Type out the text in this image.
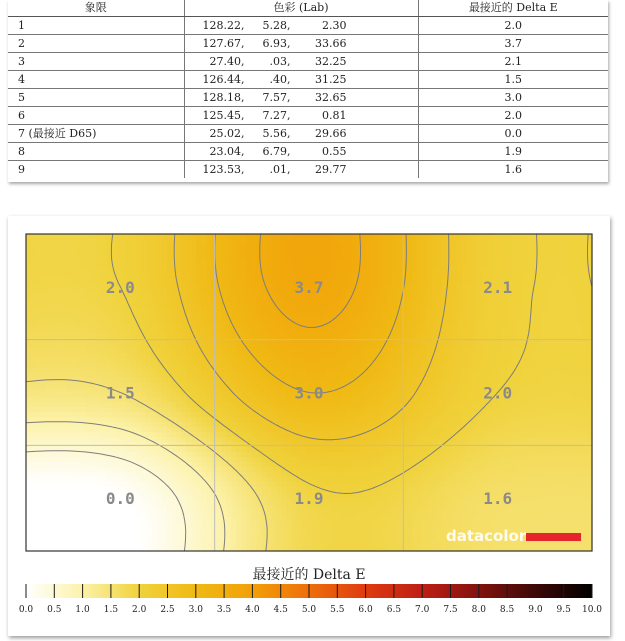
象限	色彩 (Lab)	最接近的 Delta E
1	128.22, 5.28, 2.30	2.0
2	127.67, 6.93, 33.66	3.7
3	27.40, .03, 32.25	2.1
4	126.44, .40, 31.25	1.5
5	128.18, 7.57, 32.65	3.0
6	125.45, 7.27, 0.81	2.0
7 (最接近 D65)	25.02, 5.56, 29.66	0.0
8	23.04, 6.79, 0.55	1.9
9	123.53, .01, 29.77	1.6
2.0	3.7	2.1
1.5	3.0	2.0
0.0	1.9	1.6
datacolor
0.0 0.5 1.0 1.5 2.0 2.5 3.0 3.5 4.0 4.5 5.0 5.5 6.0 6.5 7.0 7.5 8.0 8.5 9.0 9.5 10.0
最接近的 Delta E
